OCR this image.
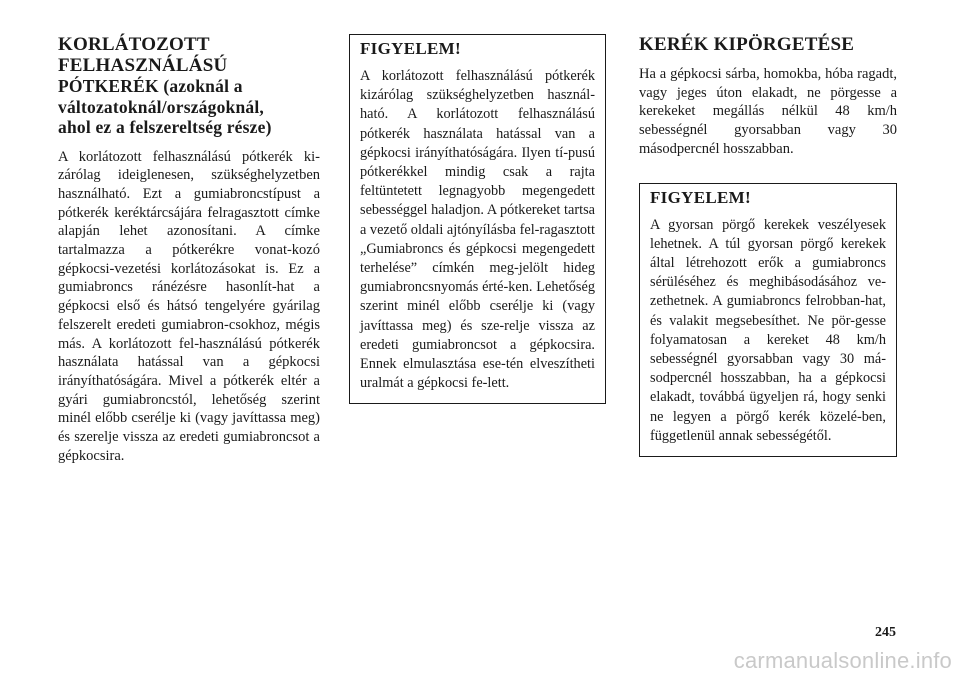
KORLÁTOZOTT
FELHASZNÁLÁSÚ
PÓTKERÉK (azoknál a
változatoknál/országoknál,
ahol ez a felszereltség része)

A korlátozott felhasználású pótkerék ki-zárólag ideiglenesen, szükséghelyzetben használható. Ezt a gumiabroncstípust a pótkerék keréktárcsájára felragasztott címke alapján lehet azonosítani. A címke tartalmazza a pótkerékre vonat-kozó gépkocsi-vezetési korlátozásokat is. Ez a gumiabroncs ránézésre hasonlít-hat a gépkocsi első és hátsó tengelyére gyárilag felszerelt eredeti gumiabron-csokhoz, mégis más. A korlátozott fel-használású pótkerék használata hatással van a gépkocsi irányíthatóságára. Mivel a pótkerék eltér a gyári gumiabroncstól, lehetőség szerint minél előbb cserélje ki (vagy javíttassa meg) és szerelje vissza az eredeti gumiabroncsot a gépkocsira.

FIGYELEM!

A korlátozott felhasználású pótkerék kizárólag szükséghelyzetben használ-ható. A korlátozott felhasználású pótkerék használata hatással van a gépkocsi irányíthatóságára. Ilyen tí-pusú pótkerékkel mindig csak a rajta feltüntetett legnagyobb megengedett sebességgel haladjon. A pótkereket tartsa a vezető oldali ajtónyílásba fel-ragasztott „Gumiabroncs és gépkocsi megengedett terhelése” címkén meg-jelölt hideg gumiabroncsnyomás érté-ken. Lehetőség szerint minél előbb cserélje ki (vagy javíttassa meg) és sze-relje vissza az eredeti gumiabroncsot a gépkocsira. Ennek elmulasztása ese-tén elveszítheti uralmát a gépkocsi fe-lett.

KERÉK KIPÖRGETÉSE

Ha a gépkocsi sárba, homokba, hóba ragadt, vagy jeges úton elakadt, ne pörgesse a kerekeket megállás nélkül 48 km/h sebességnél gyorsabban vagy 30 másodpercnél hosszabban.

FIGYELEM!

A gyorsan pörgő kerekek veszélyesek lehetnek. A túl gyorsan pörgő kerekek által létrehozott erők a gumiabroncs sérüléséhez és meghibásodásához ve-zethetnek. A gumiabroncs felrobban-hat, és valakit megsebesíthet. Ne pör-gesse folyamatosan a kereket 48 km/h sebességnél gyorsabban vagy 30 má-sodpercnél hosszabban, ha a gépkocsi elakadt, továbbá ügyeljen rá, hogy senki ne legyen a pörgő kerék közelé-ben, függetlenül annak sebességétől.

245
carmanualsonline.info
